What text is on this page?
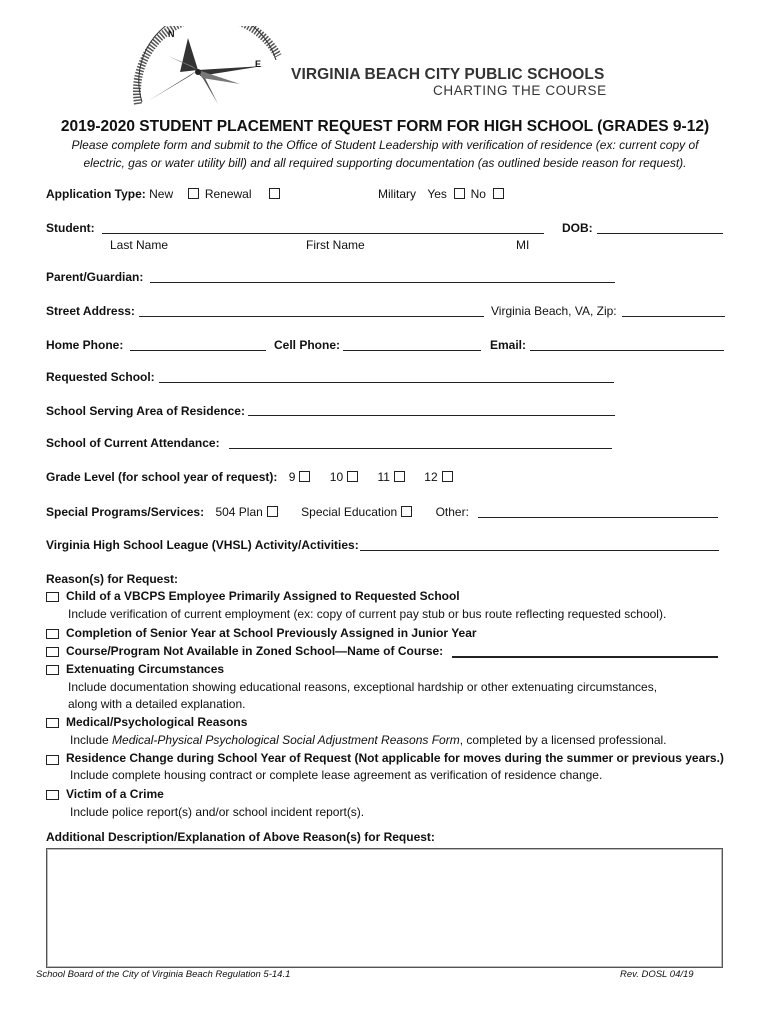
N
E
VIRGINIA BEACH CITY PUBLIC SCHOOLS
CHARTING THE COURSE
2019-2020 STUDENT PLACEMENT REQUEST FORM FOR HIGH SCHOOL (GRADES 9-12)
Please complete form and submit to the Office of Student Leadership with verification of residence (ex: current copy of
electric, gas or water utility bill) and all required supporting documentation (as outlined beside reason for request).
Application Type: New	Renewal	Military Yes No
Student:	DOB:
Last Name	First Name	MI
Parent/Guardian:
Street Address:	Virginia Beach, VA, Zip:
Home Phone:	Cell Phone:	Email:
Requested School:
School Serving Area of Residence:
School of Current Attendance:
Grade Level (for school year of request): 9	10	11	12
Special Programs/Services: 504 Plan	Special Education	Other:
Virginia High School League (VHSL) Activity/Activities:
Reason(s) for Request:
Child of a VBCPS Employee Primarily Assigned to Requested School
Include verification of current employment (ex: copy of current pay stub or bus route reflecting requested school).
Completion of Senior Year at School Previously Assigned in Junior Year
Course/Program Not Available in Zoned School—Name of Course:
Extenuating Circumstances
Include documentation showing educational reasons, exceptional hardship or other extenuating circumstances,
along with a detailed explanation.
Medical/Psychological Reasons
Include Medical-Physical Psychological Social Adjustment Reasons Form, completed by a licensed professional.
Residence Change during School Year of Request (Not applicable for moves during the summer or previous years.)
Include complete housing contract or complete lease agreement as verification of residence change.
Victim of a Crime
Include police report(s) and/or school incident report(s).
Additional Description/Explanation of Above Reason(s) for Request:
School Board of the City of Virginia Beach Regulation 5-14.1	Rev. DOSL 04/19
